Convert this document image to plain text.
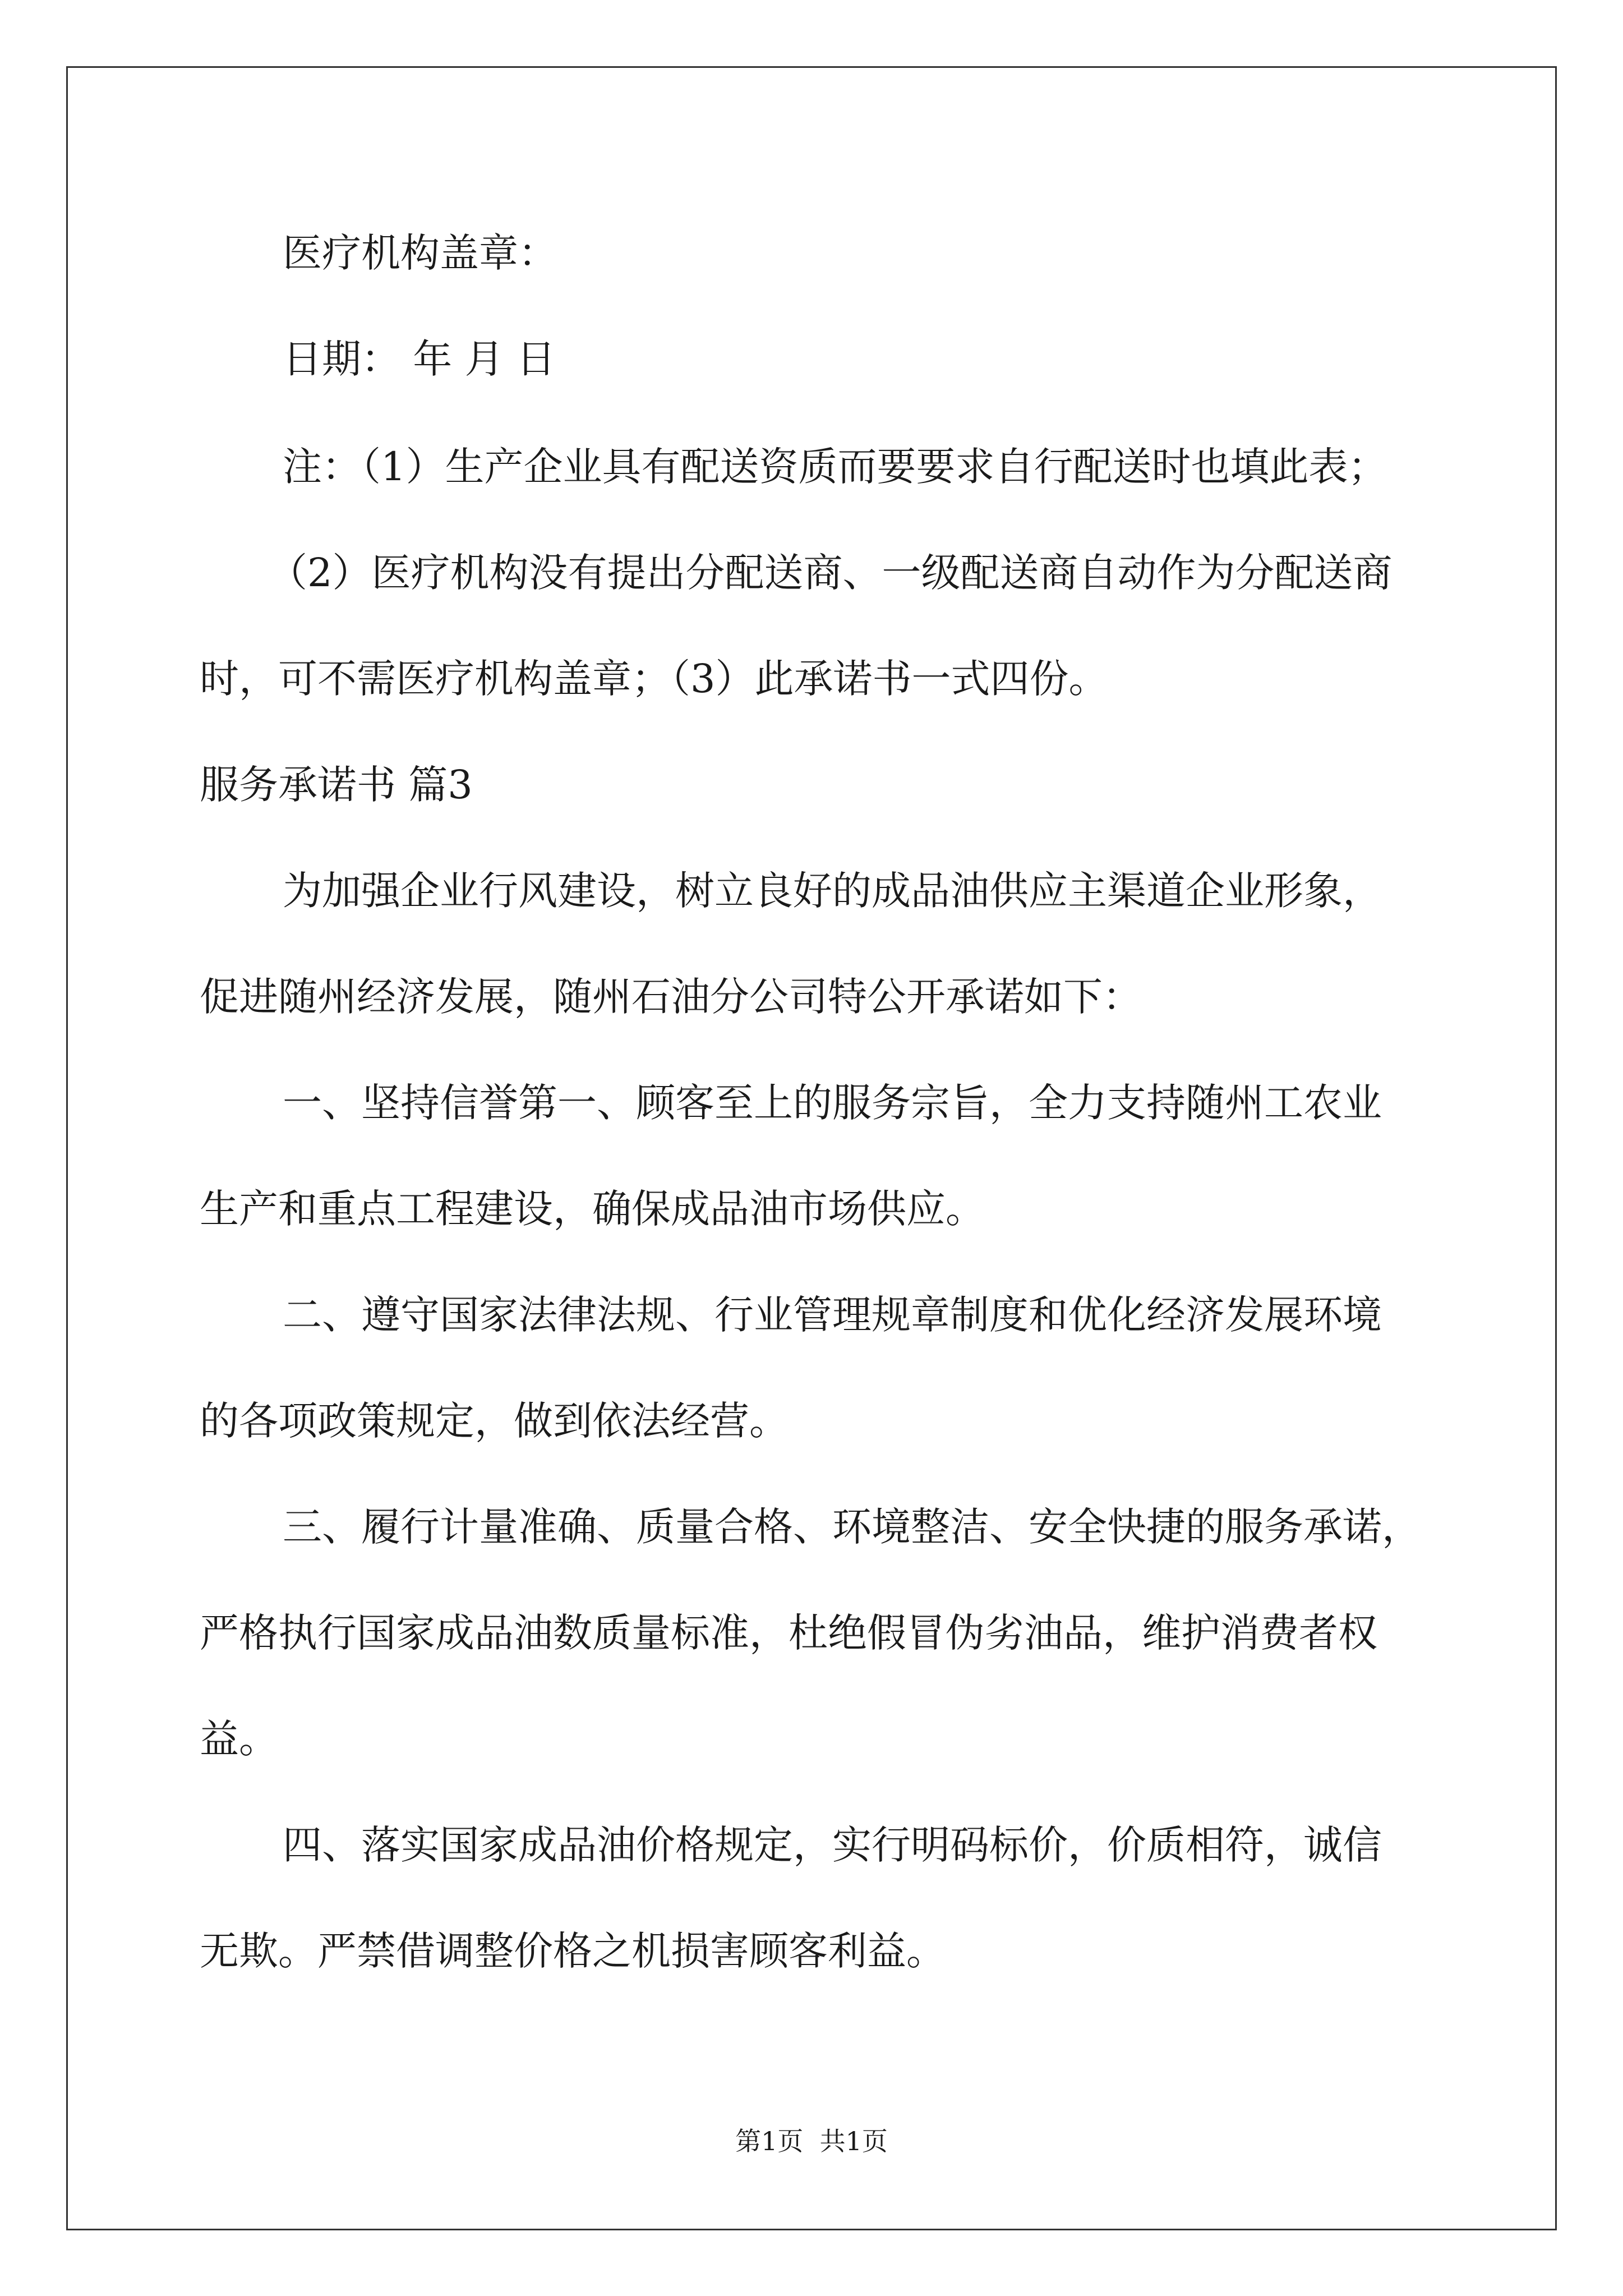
医疗机构盖章：
日期： 年 月 日
注：（1）生产企业具有配送资质而要要求自行配送时也填此表；
（2）医疗机构没有提出分配送商、一级配送商自动作为分配送商
时，可不需医疗机构盖章；（3）此承诺书一式四份。
服务承诺书 篇3
为加强企业行风建设，树立良好的成品油供应主渠道企业形象，
促进随州经济发展，随州石油分公司特公开承诺如下：
一、坚持信誉第一、顾客至上的服务宗旨，全力支持随州工农业
生产和重点工程建设，确保成品油市场供应。
二、遵守国家法律法规、行业管理规章制度和优化经济发展环境
的各项政策规定，做到依法经营。
三、履行计量准确、质量合格、环境整洁、安全快捷的服务承诺，
严格执行国家成品油数质量标准，杜绝假冒伪劣油品，维护消费者权
益。
四、落实国家成品油价格规定，实行明码标价，价质相符，诚信
无欺。严禁借调整价格之机损害顾客利益。
第1页  共1页
